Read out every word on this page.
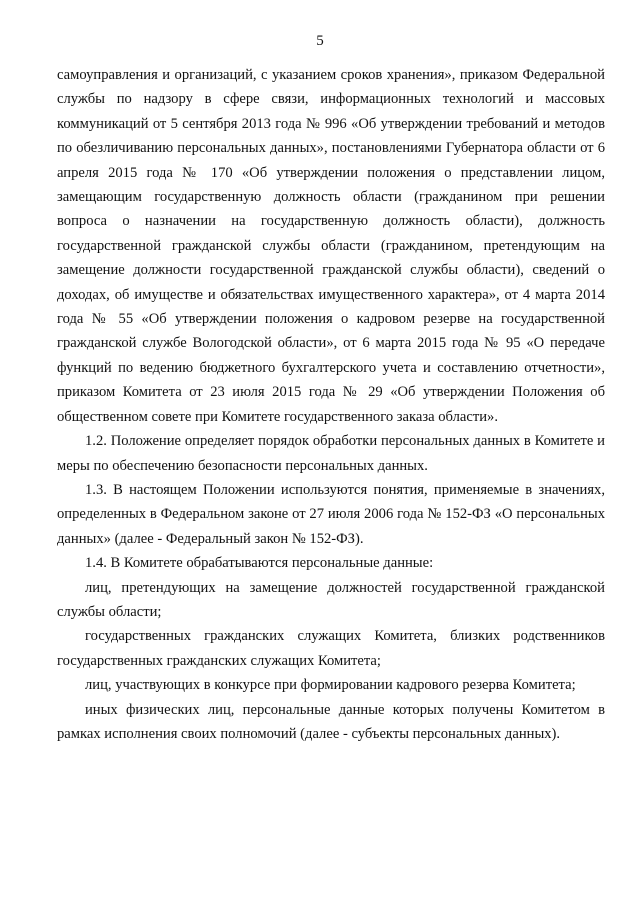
5

самоуправления и организаций, с указанием сроков хранения», приказом Федеральной службы по надзору в сфере связи, информационных технологий и массовых коммуникаций от 5 сентября 2013 года № 996 «Об утверждении требований и методов по обезличиванию персональных данных», постановлениями Губернатора области от 6 апреля 2015 года № 170 «Об утверждении положения о представлении лицом, замещающим государственную должность области (гражданином при решении вопроса о назначении на государственную должность области), должность государственной гражданской службы области (гражданином, претендующим на замещение должности государственной гражданской службы области), сведений о доходах, об имуществе и обязательствах имущественного характера», от 4 марта 2014 года № 55 «Об утверждении положения о кадровом резерве на государственной гражданской службе Вологодской области», от 6 марта 2015 года № 95 «О передаче функций по ведению бюджетного бухгалтерского учета и составлению отчетности», приказом Комитета от 23 июля 2015 года № 29 «Об утверждении Положения об общественном совете при Комитете государственного заказа области».

1.2. Положение определяет порядок обработки персональных данных в Комитете и меры по обеспечению безопасности персональных данных.

1.3. В настоящем Положении используются понятия, применяемые в значениях, определенных в Федеральном законе от 27 июля 2006 года № 152-ФЗ «О персональных данных» (далее - Федеральный закон № 152-ФЗ).

1.4. В Комитете обрабатываются персональные данные:

лиц, претендующих на замещение должностей государственной гражданской службы области;

государственных гражданских служащих Комитета, близких родственников государственных гражданских служащих Комитета;

лиц, участвующих в конкурсе при формировании кадрового резерва Комитета;

иных физических лиц, персональные данные которых получены Комитетом в рамках исполнения своих полномочий (далее - субъекты персональных данных).
